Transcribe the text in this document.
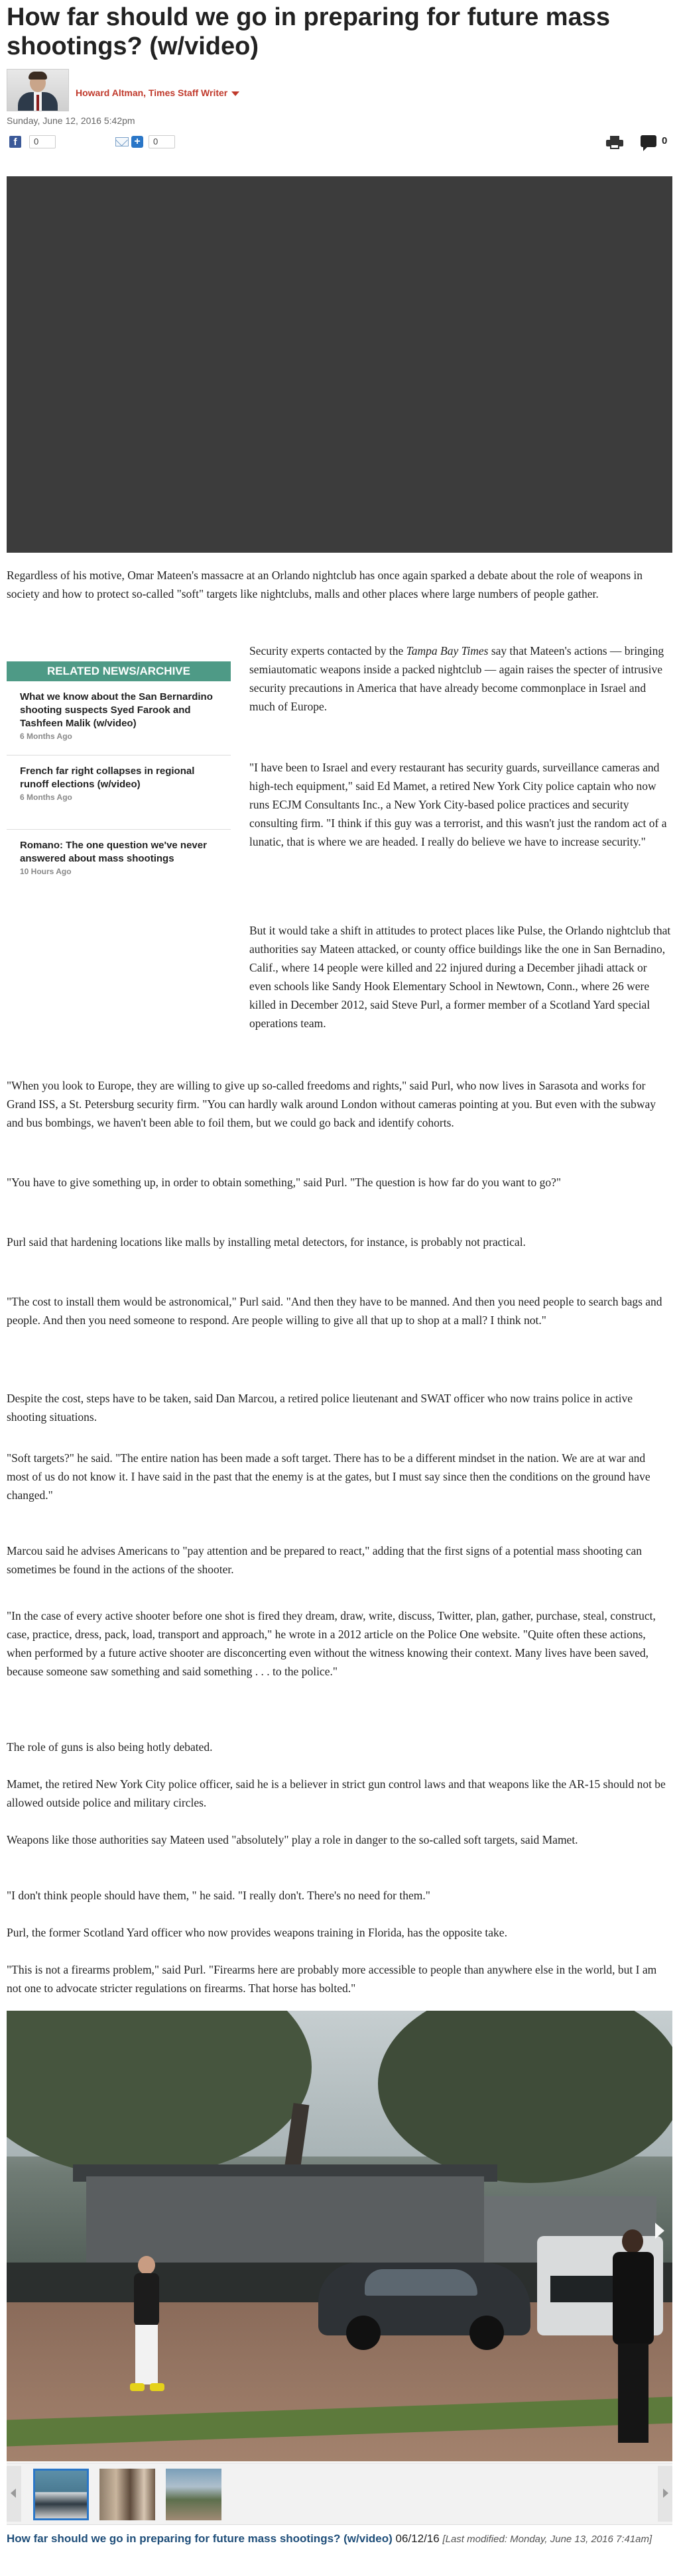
How far should we go in preparing for future mass shootings? (w/video)
Howard Altman, Times Staff Writer
Sunday, June 12, 2016 5:42pm
f	0	+	0	0

Regardless of his motive, Omar Mateen's massacre at an Orlando nightclub has once again sparked a debate about the role of weapons in society and how to protect so-called "soft" targets like nightclubs, malls and other places where large numbers of people gather.

RELATED NEWS/ARCHIVE
What we know about the San Bernardino shooting suspects Syed Farook and Tashfeen Malik (w/video)
6 Months Ago
French far right collapses in regional runoff elections (w/video)
6 Months Ago
Romano: The one question we've never answered about mass shootings
10 Hours Ago

Security experts contacted by the Tampa Bay Times say that Mateen's actions — bringing semiautomatic weapons inside a packed nightclub — again raises the specter of intrusive security precautions in America that have already become commonplace in Israel and much of Europe.

"I have been to Israel and every restaurant has security guards, surveillance cameras and high-tech equipment," said Ed Mamet, a retired New York City police captain who now runs ECJM Consultants Inc., a New York City-based police practices and security consulting firm. "I think if this guy was a terrorist, and this wasn't just the random act of a lunatic, that is where we are headed. I really do believe we have to increase security."

But it would take a shift in attitudes to protect places like Pulse, the Orlando nightclub that authorities say Mateen attacked, or county office buildings like the one in San Bernadino, Calif., where 14 people were killed and 22 injured during a December jihadi attack or even schools like Sandy Hook Elementary School in Newtown, Conn., where 26 were killed in December 2012, said Steve Purl, a former member of a Scotland Yard special operations team.

"When you look to Europe, they are willing to give up so-called freedoms and rights," said Purl, who now lives in Sarasota and works for Grand ISS, a St. Petersburg security firm. "You can hardly walk around London without cameras pointing at you. But even with the subway and bus bombings, we haven't been able to foil them, but we could go back and identify cohorts.

"You have to give something up, in order to obtain something," said Purl. "The question is how far do you want to go?"

Purl said that hardening locations like malls by installing metal detectors, for instance, is probably not practical.

"The cost to install them would be astronomical," Purl said. "And then they have to be manned. And then you need people to search bags and people. And then you need someone to respond. Are people willing to give all that up to shop at a mall? I think not."

Despite the cost, steps have to be taken, said Dan Marcou, a retired police lieutenant and SWAT officer who now trains police in active shooting situations.

"Soft targets?" he said. "The entire nation has been made a soft target. There has to be a different mindset in the nation. We are at war and most of us do not know it. I have said in the past that the enemy is at the gates, but I must say since then the conditions on the ground have changed."

Marcou said he advises Americans to "pay attention and be prepared to react," adding that the first signs of a potential mass shooting can sometimes be found in the actions of the shooter.

"In the case of every active shooter before one shot is fired they dream, draw, write, discuss, Twitter, plan, gather, purchase, steal, construct, case, practice, dress, pack, load, transport and approach," he wrote in a 2012 article on the Police One website. "Quite often these actions, when performed by a future active shooter are disconcerting even without the witness knowing their context. Many lives have been saved, because someone saw something and said something . . . to the police."

The role of guns is also being hotly debated.

Mamet, the retired New York City police officer, said he is a believer in strict gun control laws and that weapons like the AR-15 should not be allowed outside police and military circles.

Weapons like those authorities say Mateen used "absolutely" play a role in danger to the so-called soft targets, said Mamet.

"I don't think people should have them, " he said. "I really don't. There's no need for them."

Purl, the former Scotland Yard officer who now provides weapons training in Florida, has the opposite take.

"This is not a firearms problem," said Purl. "Firearms here are probably more accessible to people than anywhere else in the world, but I am not one to advocate stricter regulations on firearms. That horse has bolted."

How far should we go in preparing for future mass shootings? (w/video) 06/12/16 [Last modified: Monday, June 13, 2016 7:41am]
